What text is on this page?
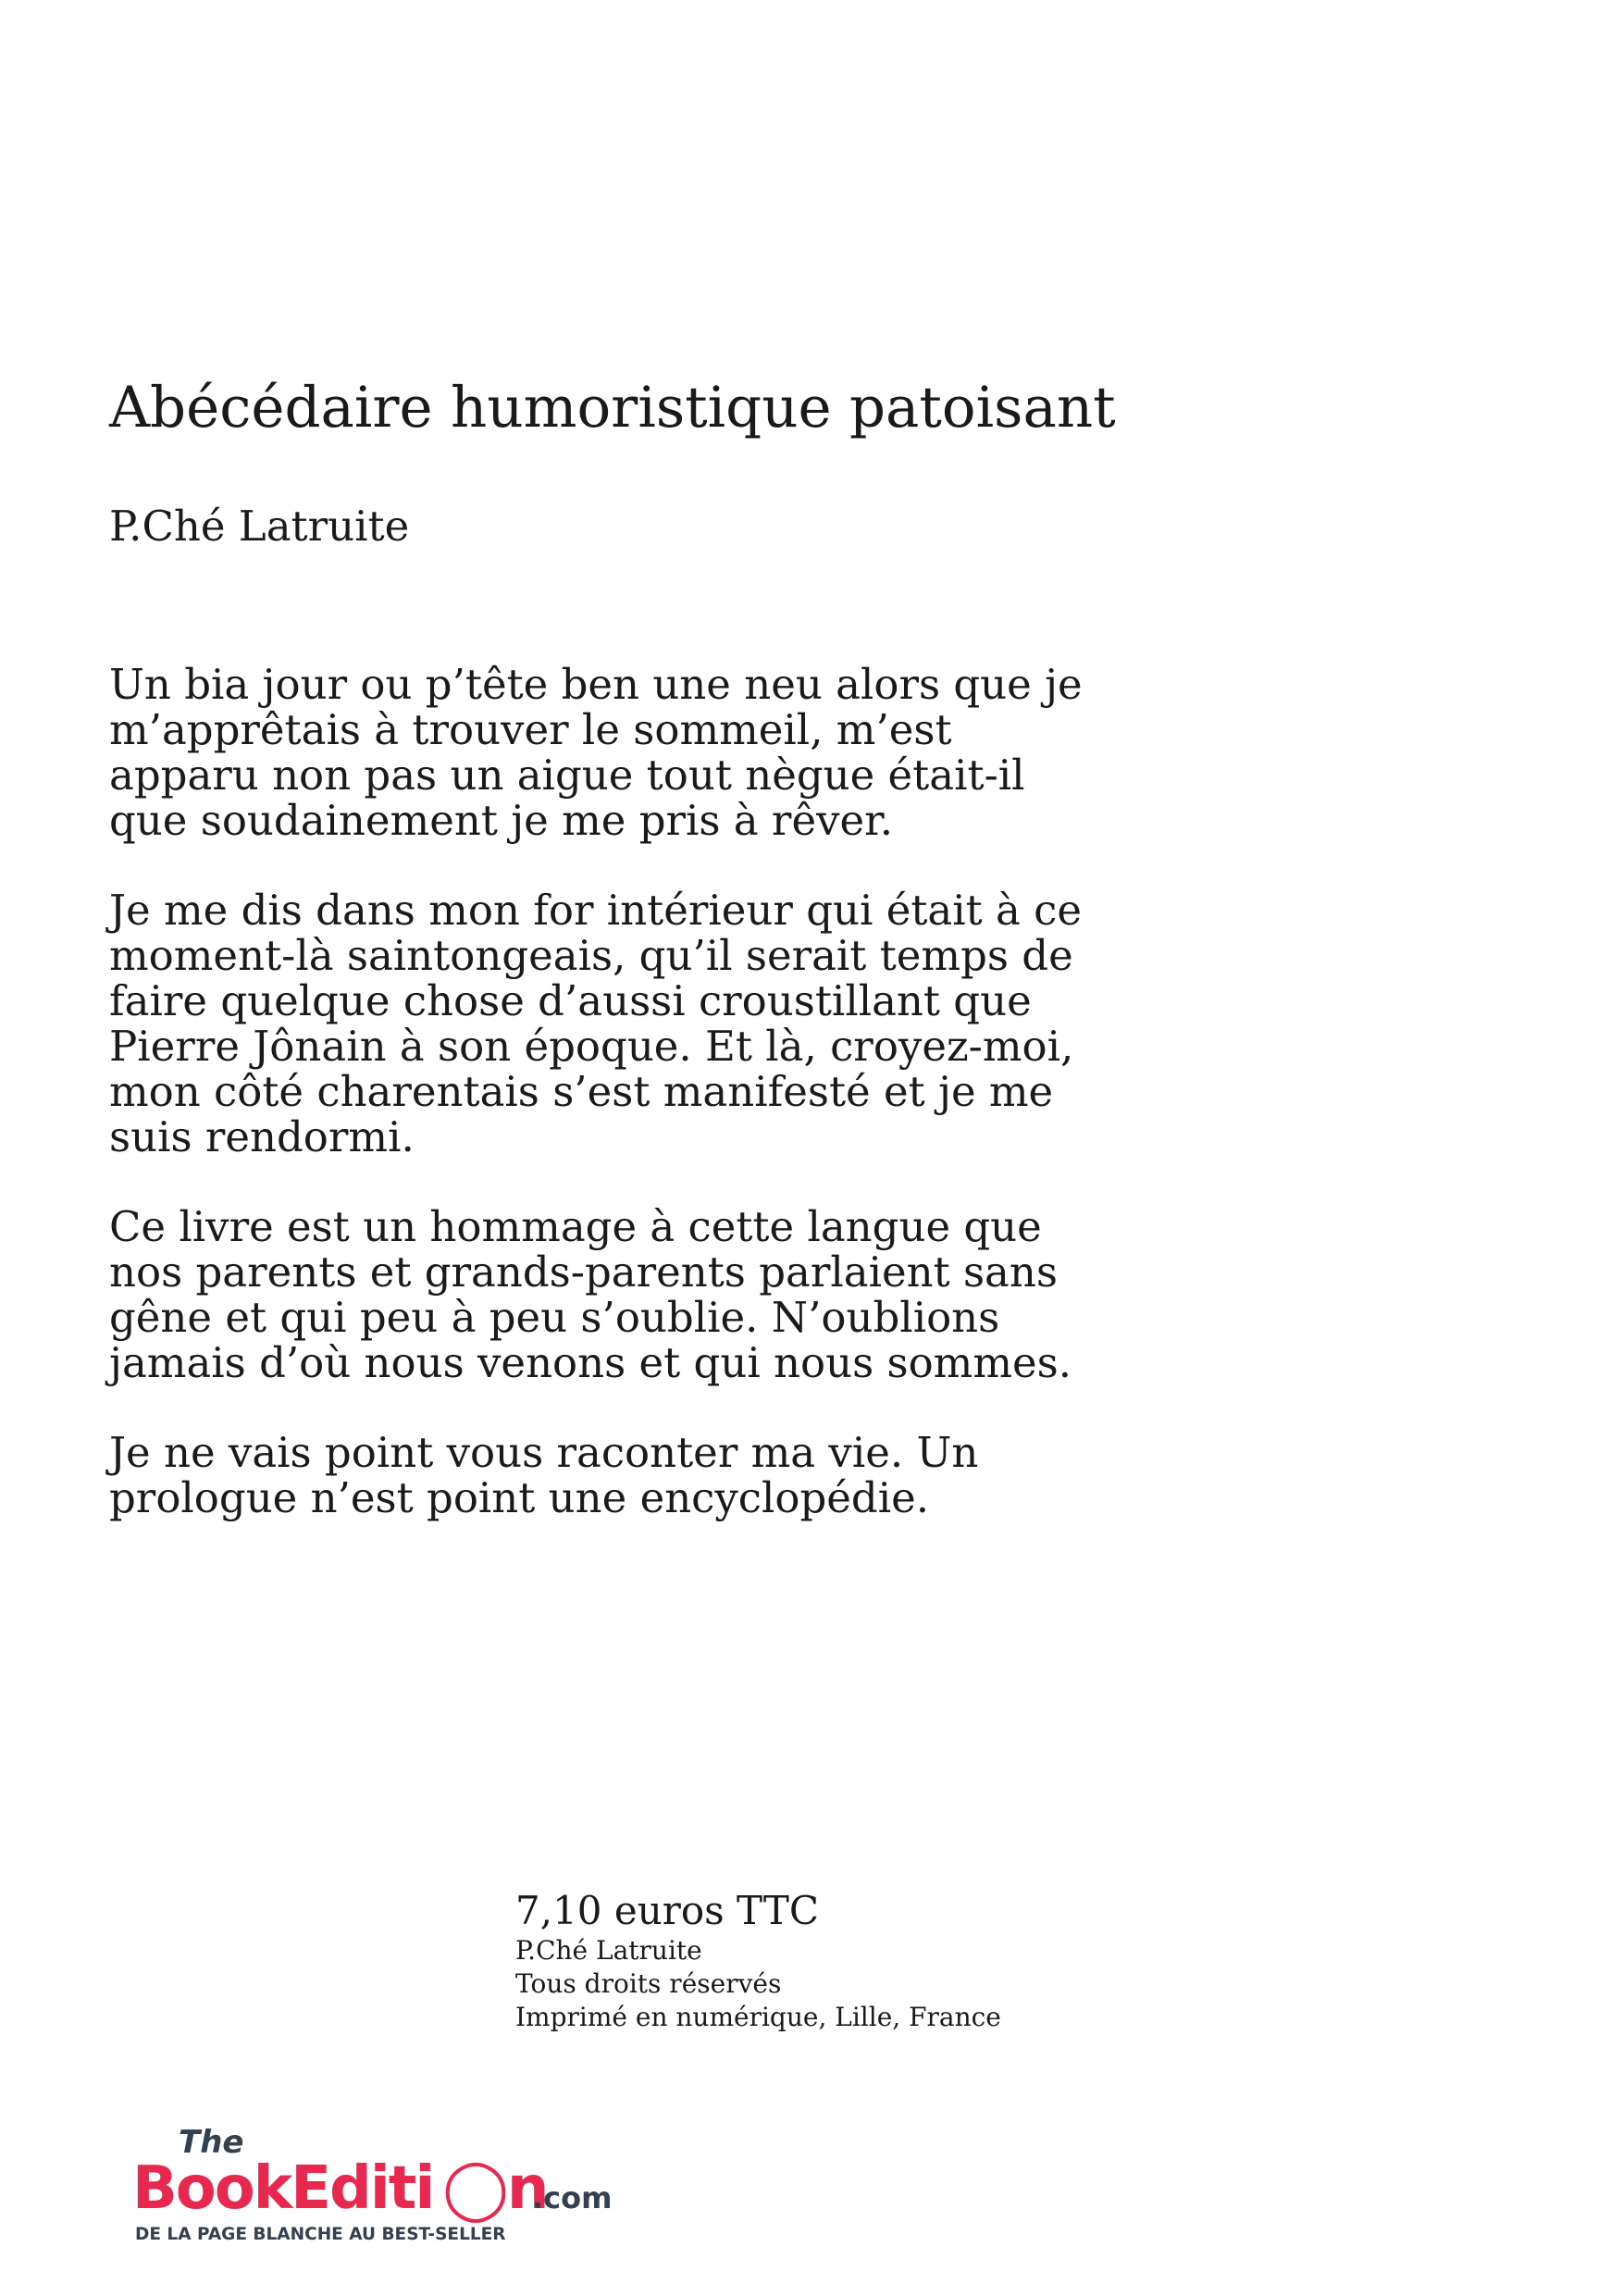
Abécédaire humoristique patoisant

P.Ché Latruite

Un bia jour ou p’tête ben une neu alors que je
m’apprêtais à trouver le sommeil, m’est
apparu non pas un aigue tout nègue était-il
que soudainement je me pris à rêver.

Je me dis dans mon for intérieur qui était à ce
moment-là saintongeais, qu’il serait temps de
faire quelque chose d’aussi croustillant que
Pierre Jônain à son époque. Et là, croyez-moi,
mon côté charentais s’est manifesté et je me
suis rendormi.

Ce livre est un hommage à cette langue que
nos parents et grands-parents parlaient sans
gêne et qui peu à peu s’oublie. N’oublions
jamais d’où nous venons et qui nous sommes.

Je ne vais point vous raconter ma vie. Un
prologue n’est point une encyclopédie.

7,10 euros TTC

P.Ché Latruite

Tous droits réservés

Imprimé en numérique, Lille, France

The
BookEditi ◯n
.com
DE LA PAGE BLANCHE AU BEST-SELLER
